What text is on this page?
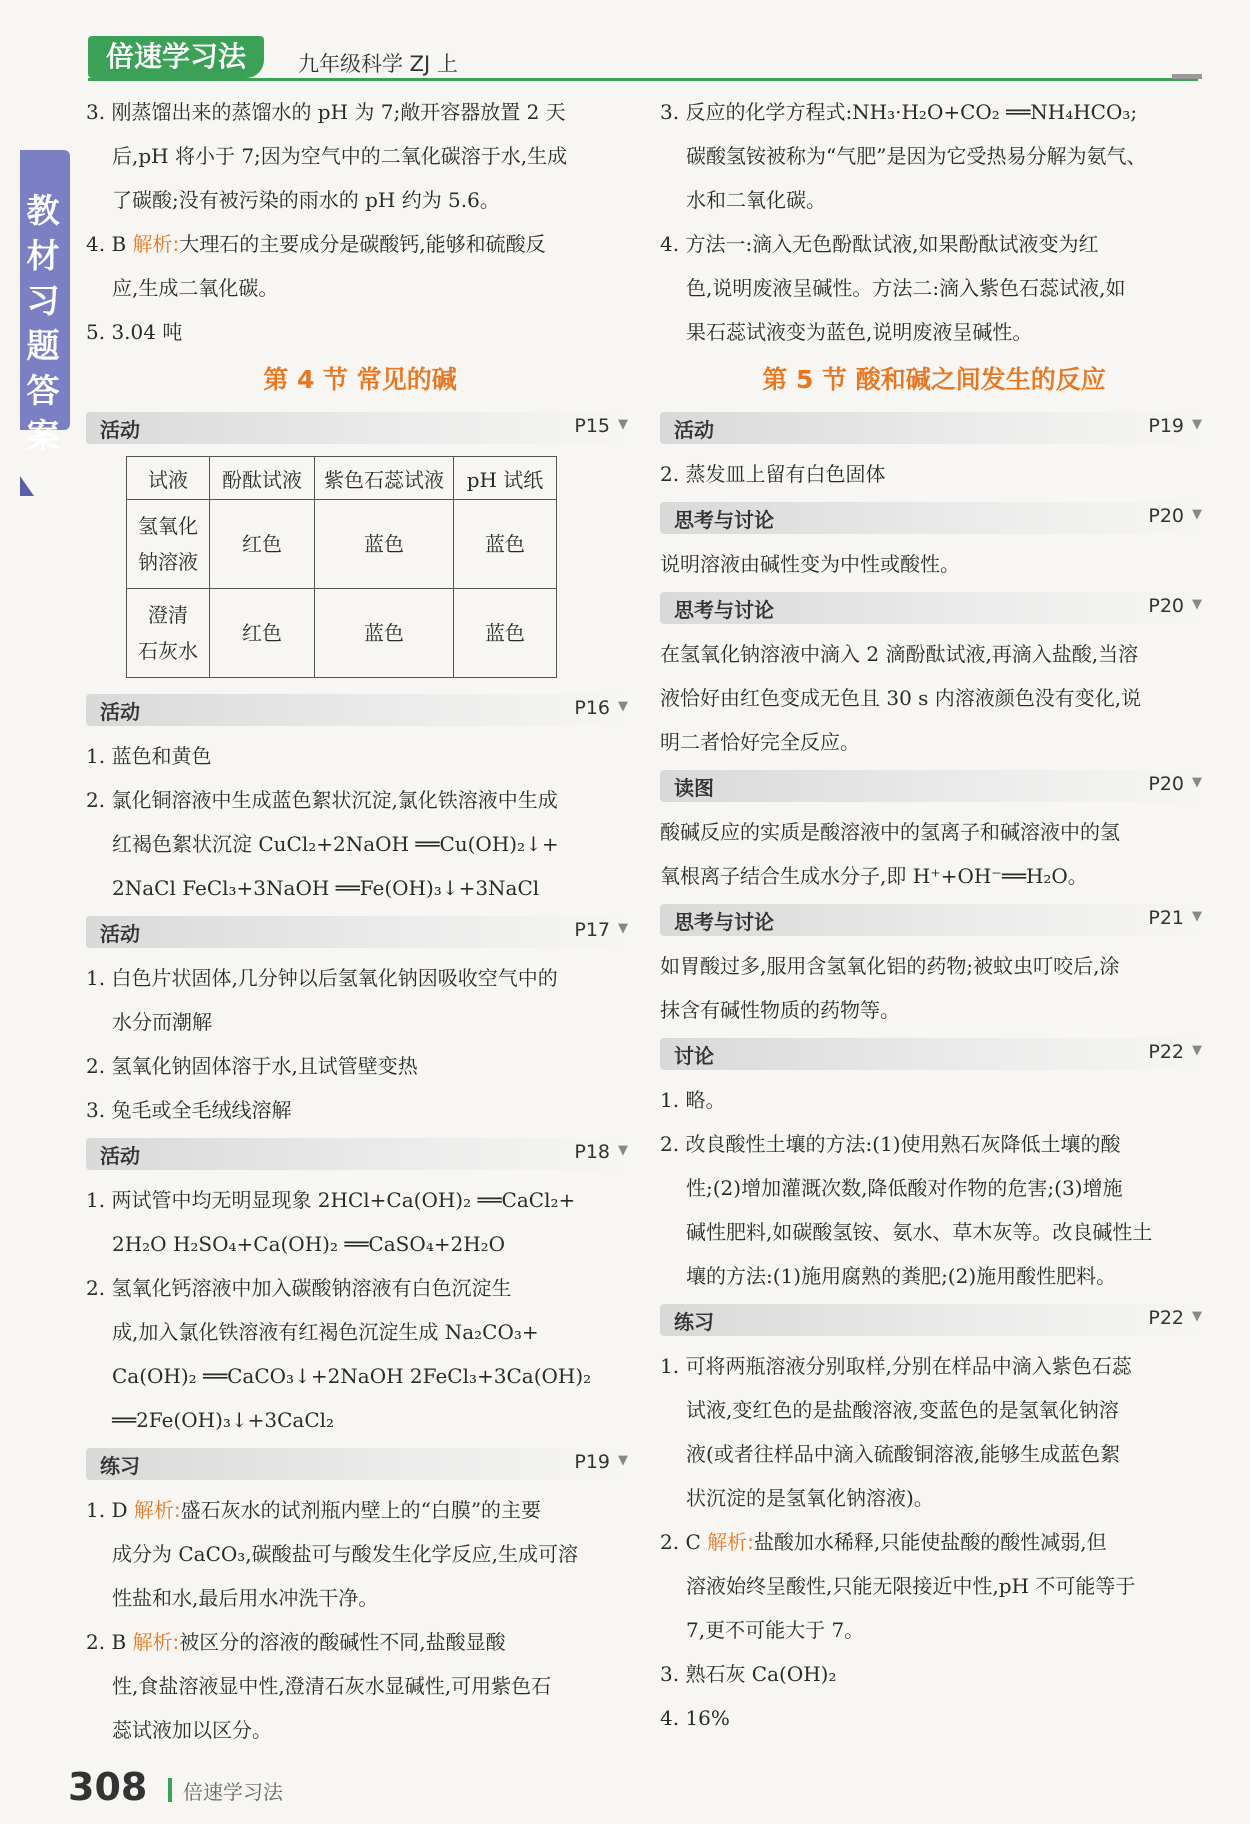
倍速学习法	九年级科学 ZJ 上
教
材
习
题
答
案
3. 刚蒸馏出来的蒸馏水的 pH 为 7;敞开容器放置 2 天
后,pH 将小于 7;因为空气中的二氧化碳溶于水,生成
了碳酸;没有被污染的雨水的 pH 约为 5.6。
4. B 解析:大理石的主要成分是碳酸钙,能够和硫酸反
应,生成二氧化碳。
5. 3.04 吨
第 4 节 常见的碱
活动	P15 ▼
试液	酚酞试液	紫色石蕊试液	pH 试纸

氢氧化
钠溶液	红色	蓝色	蓝色

澄清
石灰水	红色	蓝色	蓝色
活动	P16 ▼
1. 蓝色和黄色
2. 氯化铜溶液中生成蓝色絮状沉淀,氯化铁溶液中生成
红褐色絮状沉淀 CuCl₂+2NaOH ══Cu(OH)₂↓+
2NaCl FeCl₃+3NaOH ══Fe(OH)₃↓+3NaCl
活动	P17 ▼
1. 白色片状固体,几分钟以后氢氧化钠因吸收空气中的
水分而潮解
2. 氢氧化钠固体溶于水,且试管壁变热
3. 兔毛或全毛绒线溶解
活动	P18 ▼
1. 两试管中均无明显现象 2HCl+Ca(OH)₂ ══CaCl₂+
2H₂O H₂SO₄+Ca(OH)₂ ══CaSO₄+2H₂O
2. 氢氧化钙溶液中加入碳酸钠溶液有白色沉淀生
成,加入氯化铁溶液有红褐色沉淀生成 Na₂CO₃+
Ca(OH)₂ ══CaCO₃↓+2NaOH 2FeCl₃+3Ca(OH)₂
══2Fe(OH)₃↓+3CaCl₂
练习	P19 ▼
1. D 解析:盛石灰水的试剂瓶内壁上的“白膜”的主要
成分为 CaCO₃,碳酸盐可与酸发生化学反应,生成可溶
性盐和水,最后用水冲洗干净。
2. B 解析:被区分的溶液的酸碱性不同,盐酸显酸
性,食盐溶液显中性,澄清石灰水显碱性,可用紫色石
蕊试液加以区分。
3. 反应的化学方程式:NH₃·H₂O+CO₂ ══NH₄HCO₃;
碳酸氢铵被称为“气肥”是因为它受热易分解为氨气、
水和二氧化碳。
4. 方法一:滴入无色酚酞试液,如果酚酞试液变为红
色,说明废液呈碱性。方法二:滴入紫色石蕊试液,如
果石蕊试液变为蓝色,说明废液呈碱性。
第 5 节 酸和碱之间发生的反应
活动	P19 ▼
2. 蒸发皿上留有白色固体
思考与讨论	P20 ▼
说明溶液由碱性变为中性或酸性。
思考与讨论	P20 ▼
在氢氧化钠溶液中滴入 2 滴酚酞试液,再滴入盐酸,当溶
液恰好由红色变成无色且 30 s 内溶液颜色没有变化,说
明二者恰好完全反应。
读图	P20 ▼
酸碱反应的实质是酸溶液中的氢离子和碱溶液中的氢
氧根离子结合生成水分子,即 H⁺+OH⁻══H₂O。
思考与讨论	P21 ▼
如胃酸过多,服用含氢氧化铝的药物;被蚊虫叮咬后,涂
抹含有碱性物质的药物等。
讨论	P22 ▼
1. 略。
2. 改良酸性土壤的方法:(1)使用熟石灰降低土壤的酸
性;(2)增加灌溉次数,降低酸对作物的危害;(3)增施
碱性肥料,如碳酸氢铵、氨水、草木灰等。改良碱性土
壤的方法:(1)施用腐熟的粪肥;(2)施用酸性肥料。
练习	P22 ▼
1. 可将两瓶溶液分别取样,分别在样品中滴入紫色石蕊
试液,变红色的是盐酸溶液,变蓝色的是氢氧化钠溶
液(或者往样品中滴入硫酸铜溶液,能够生成蓝色絮
状沉淀的是氢氧化钠溶液)。
2. C 解析:盐酸加水稀释,只能使盐酸的酸性减弱,但
溶液始终呈酸性,只能无限接近中性,pH 不可能等于
7,更不可能大于 7。
3. 熟石灰 Ca(OH)₂
4. 16%
308 倍速学习法
